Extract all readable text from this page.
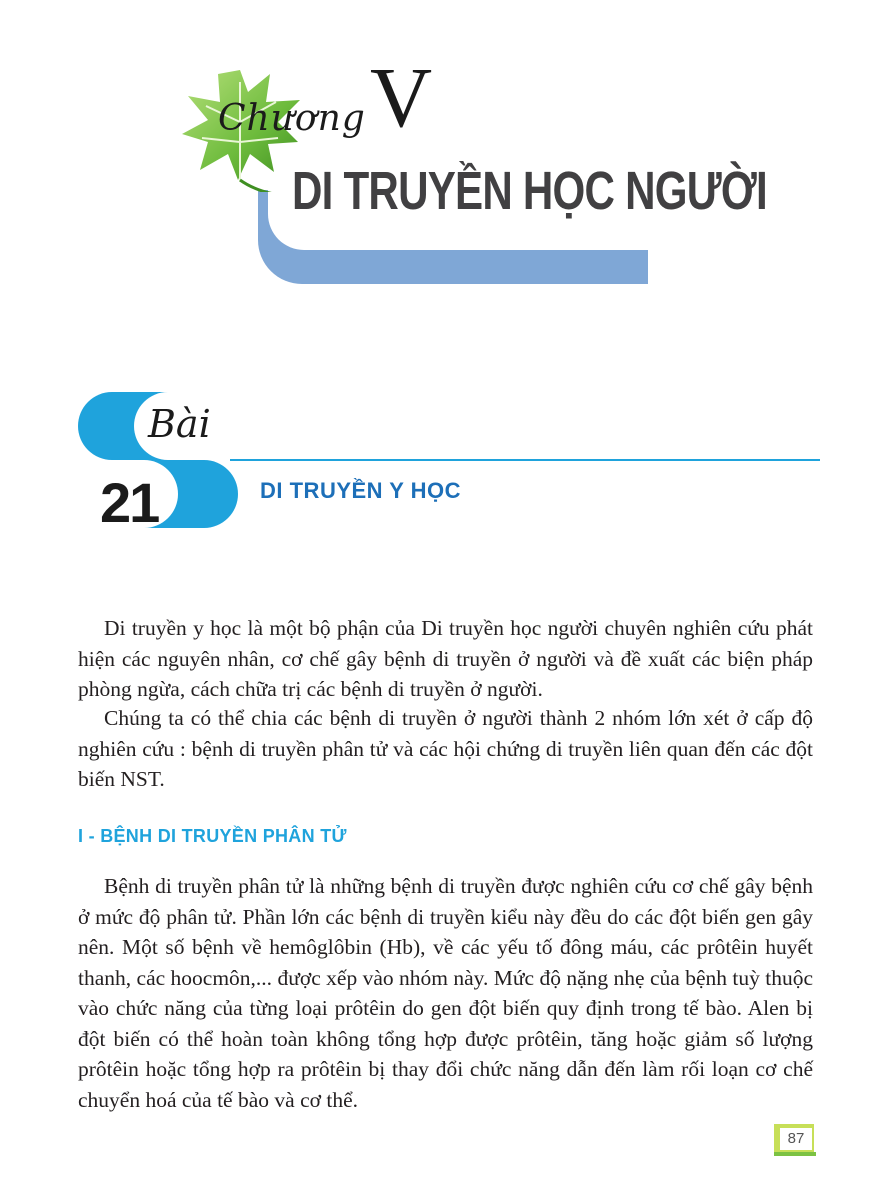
Chương V
DI TRUYỀN HỌC NGƯỜI
Bài
21	DI TRUYỀN Y HỌC

Di truyền y học là một bộ phận của Di truyền học người chuyên nghiên cứu phát hiện các nguyên nhân, cơ chế gây bệnh di truyền ở người và đề xuất các biện pháp phòng ngừa, cách chữa trị các bệnh di truyền ở người.

Chúng ta có thể chia các bệnh di truyền ở người thành 2 nhóm lớn xét ở cấp độ nghiên cứu : bệnh di truyền phân tử và các hội chứng di truyền liên quan đến các đột biến NST.

I - BỆNH DI TRUYỀN PHÂN TỬ

Bệnh di truyền phân tử là những bệnh di truyền được nghiên cứu cơ chế gây bệnh ở mức độ phân tử. Phần lớn các bệnh di truyền kiểu này đều do các đột biến gen gây nên. Một số bệnh về hemôglôbin (Hb), về các yếu tố đông máu, các prôtêin huyết thanh, các hoocmôn,... được xếp vào nhóm này. Mức độ nặng nhẹ của bệnh tuỳ thuộc vào chức năng của từng loại prôtêin do gen đột biến quy định trong tế bào. Alen bị đột biến có thể hoàn toàn không tổng hợp được prôtêin, tăng hoặc giảm số lượng prôtêin hoặc tổng hợp ra prôtêin bị thay đổi chức năng dẫn đến làm rối loạn cơ chế chuyển hoá của tế bào và cơ thể.

87
